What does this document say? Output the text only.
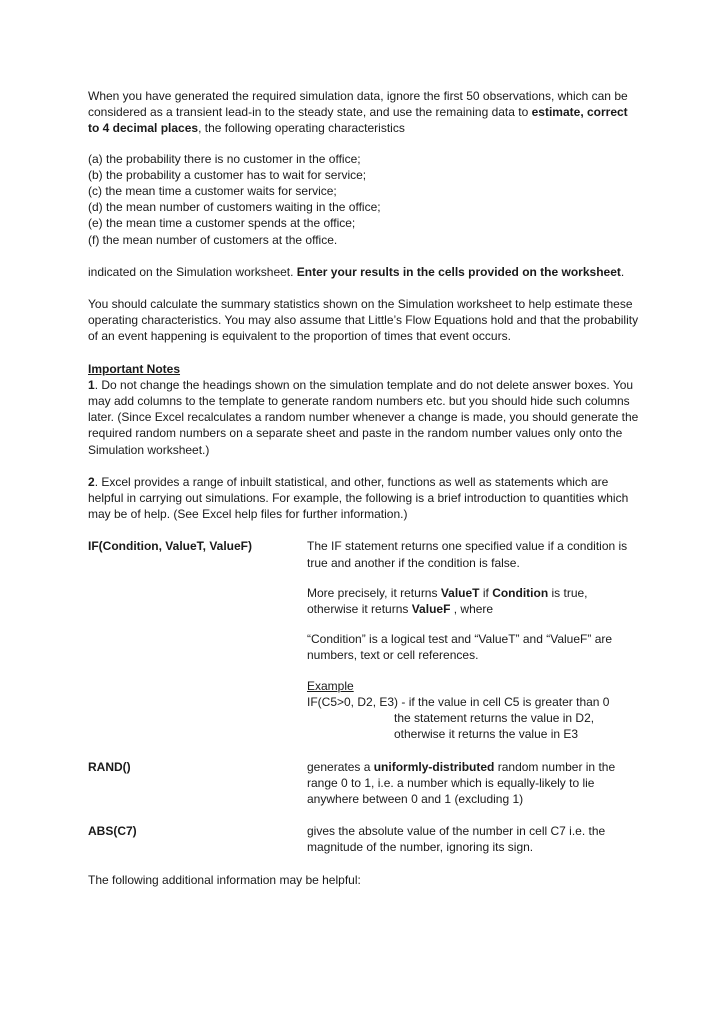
When you have generated the required simulation data, ignore the first 50 observations, which can be considered as a transient lead-in to the steady state, and use the remaining data to estimate, correct to 4 decimal places, the following operating characteristics

(a) the probability there is no customer in the office;

(b) the probability a customer has to wait for service;

(c) the mean time a customer waits for service;

(d) the mean number of customers waiting in the office;

(e) the mean time a customer spends at the office;

(f) the mean number of customers at the office.

indicated on the Simulation worksheet. Enter your results in the cells provided on the worksheet.

You should calculate the summary statistics shown on the Simulation worksheet to help estimate these operating characteristics. You may also assume that Little’s Flow Equations hold and that the probability of an event happening is equivalent to the proportion of times that event occurs.

Important Notes

1. Do not change the headings shown on the simulation template and do not delete answer boxes. You may add columns to the template to generate random numbers etc. but you should hide such columns later. (Since Excel recalculates a random number whenever a change is made, you should generate the required random numbers on a separate sheet and paste in the random number values only onto the Simulation worksheet.)

2. Excel provides a range of inbuilt statistical, and other, functions as well as statements which are helpful in carrying out simulations. For example, the following is a brief introduction to quantities which may be of help. (See Excel help files for further information.)

IF(Condition, ValueT, ValueF)	The IF statement returns one specified value if a condition is true and another if the condition is false.

More precisely, it returns ValueT if Condition is true, otherwise it returns ValueF , where

“Condition” is a logical test and “ValueT” and “ValueF” are numbers, text or cell references.

Example

IF(C5>0, D2, E3) - if the value in cell C5 is greater than 0
the statement returns the value in D2,
otherwise it returns the value in E3

RAND()	generates a uniformly-distributed random number in the range 0 to 1, i.e. a number which is equally-likely to lie anywhere between 0 and 1 (excluding 1)

ABS(C7)	gives the absolute value of the number in cell C7 i.e. the magnitude of the number, ignoring its sign.

The following additional information may be helpful:
